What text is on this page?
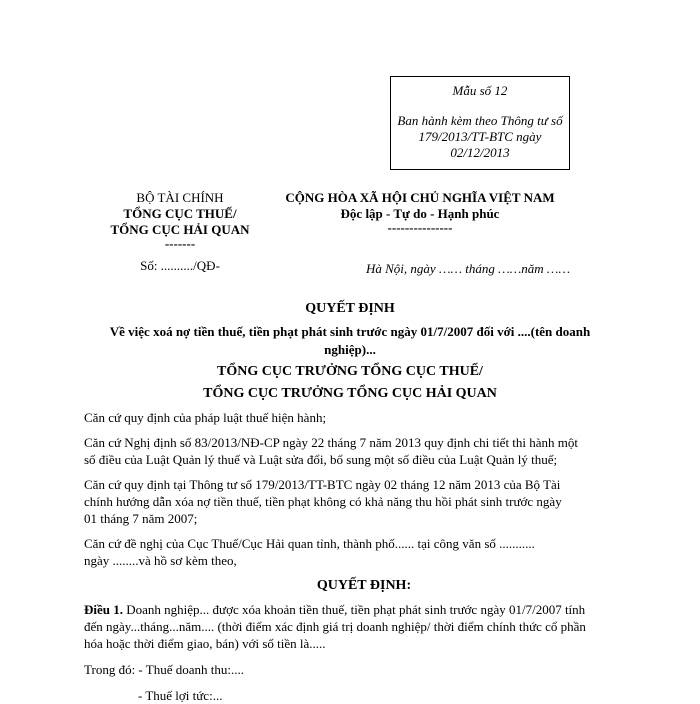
Mẫu số 12
Ban hành kèm theo Thông tư số
179/2013/TT-BTC ngày
02/12/2013
BỘ TÀI CHÍNH
TỔNG CỤC THUẾ/
TỔNG CỤC HẢI QUAN
-------
Số: ........../QĐ-
CỘNG HÒA XÃ HỘI CHỦ NGHĨA VIỆT NAM
Độc lập - Tự do - Hạnh phúc
---------------
Hà Nội, ngày …… tháng ……năm ……
QUYẾT ĐỊNH
Về việc xoá nợ tiền thuế, tiền phạt phát sinh trước ngày 01/7/2007 đối với ....(tên doanh
nghiệp)...
TỔNG CỤC TRƯỞNG TỔNG CỤC THUẾ/
TỔNG CỤC TRƯỞNG TỔNG CỤC HẢI QUAN
Căn cứ quy định của pháp luật thuế hiện hành;
Căn cứ Nghị định số 83/2013/NĐ-CP ngày 22 tháng 7 năm 2013 quy định chi tiết thi hành một
số điều của Luật Quản lý thuế và Luật sửa đổi, bổ sung một số điều của Luật Quản lý thuế;
Căn cứ quy định tại Thông tư số 179/2013/TT-BTC ngày 02 tháng 12 năm 2013 của Bộ Tài
chính hướng dẫn xóa nợ tiền thuế, tiền phạt không có khả năng thu hồi phát sinh trước ngày
01 tháng 7 năm 2007;
Căn cứ đề nghị của Cục Thuế/Cục Hải quan tỉnh, thành phố...... tại công văn số ...........
ngày ........và hồ sơ kèm theo,
QUYẾT ĐỊNH:
Điều 1. Doanh nghiệp... được xóa khoản tiền thuế, tiền phạt phát sinh trước ngày 01/7/2007 tính
đến ngày...tháng...năm.... (thời điểm xác định giá trị doanh nghiệp/ thời điểm chính thức cổ phần
hóa hoặc thời điểm giao, bán) với số tiền là.....
Trong đó: - Thuế doanh thu:....
- Thuế lợi tức:...
